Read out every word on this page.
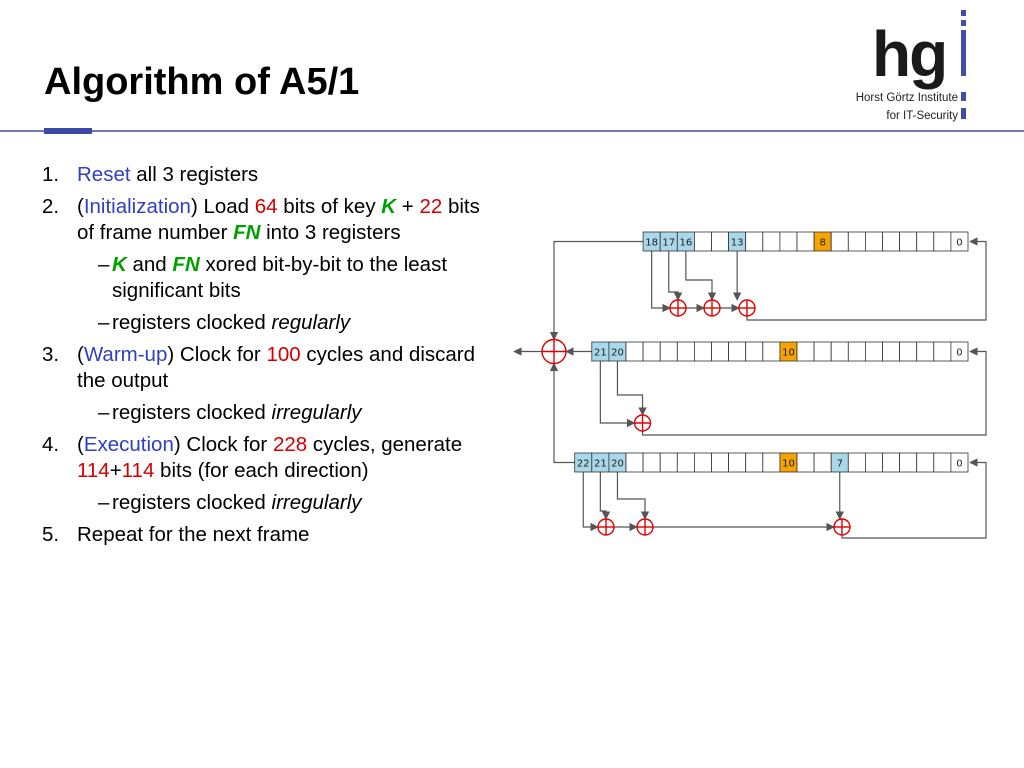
Algorithm of A5/1	hg
Horst Görtz Institute
for IT-Security
1. Reset all 3 registers
2. (Initialization) Load 64 bits of key K + 22 bits of frame number FN into 3 registers
– K and FN xored bit-by-bit to the least significant bits
– registers clocked regularly
3. (Warm-up) Clock for 100 cycles and discard the output
– registers clocked irregularly
4. (Execution) Clock for 228 cycles, generate 114+114 bits (for each direction)
– registers clocked irregularly
5. Repeat for the next frame
18 17 16	13	8	0
21 20	10	0
22 21 20	10	7	0
